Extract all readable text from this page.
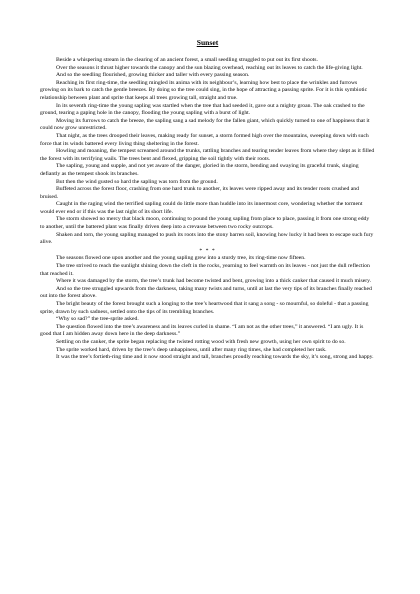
Sunset

Beside a whispering stream in the clearing of an ancient forest, a small seedling struggled to put out its first shoots.

Over the seasons it thrust higher towards the canopy and the sun blazing overhead, reaching out its leaves to catch the life-giving light.

And so the seedling flourished, growing thicker and taller with every passing season.

Reaching its first ring-time, the seedling mingled its anima with its neighbour’s, learning how best to place the wrinkles and furrows growing on its bark to catch the gentle breezes. By doing so the tree could sing, in the hope of attracting a passing sprite. For it is this symbiotic relationship between plant and sprite that keeps all trees growing tall, straight and true.

In its seventh ring-time the young sapling was startled when the tree that had seeded it, gave out a mighty groan. The oak crashed to the ground, tearing a gaping hole in the canopy, flooding the young sapling with a burst of light.

Moving its furrows to catch the breeze, the sapling sang a sad melody for the fallen giant, which quickly turned to one of happiness that it could now grow unrestricted.

That night, as the trees drooped their leaves, making ready for sunset, a storm formed high over the mountains, sweeping down with such force that its winds battered every living thing sheltering in the forest.

Howling and moaning, the tempest screamed around the trunks, rattling branches and tearing tender leaves from where they slept as it filled the forest with its terrifying wails. The trees bent and flexed, gripping the soil tightly with their roots.

The sapling, young and supple, and not yet aware of the danger, gloried in the storm, bending and swaying its graceful trunk, singing defiantly as the tempest shook its branches.

But then the wind gusted so hard the sapling was torn from the ground.

Buffeted across the forest floor, crashing from one hard trunk to another, its leaves were ripped away and its tender roots crushed and bruised.

Caught in the raging wind the terrified sapling could do little more than huddle into its innermost core, wondering whether the torment would ever end or if this was the last night of its short life.

The storm showed no mercy that black moon, continuing to pound the young sapling from place to place, passing it from one strong eddy to another, until the battered plant was finally driven deep into a crevasse between two rocky outcrops.

Shaken and torn, the young sapling managed to push its roots into the stony barren soil, knowing how lucky it had been to escape such fury alive.

* * *

The seasons flowed one upon another and the young sapling grew into a sturdy tree, its ring-time now fifteen.

The tree strived to reach the sunlight shining down the cleft in the rocks, yearning to feel warmth on its leaves - not just the dull reflection that reached it.

Where it was damaged by the storm, the tree’s trunk had become twisted and bent, growing into a thick canker that caused it much misery.

And so the tree struggled upwards from the darkness, taking many twists and turns, until at last the very tips of its branches finally reached out into the forest above.

The bright beauty of the forest brought such a longing to the tree’s heartwood that it sang a song - so mournful, so doleful - that a passing sprite, drawn by such sadness, settled onto the tips of its trembling branches.

“Why so sad?” the tree-sprite asked.

The question flowed into the tree’s awareness and its leaves curled in shame. “I am not as the other trees,” it answered. “I am ugly. It is good that I am hidden away down here in the deep darkness.”

Settling on the canker, the sprite began replacing the twisted rotting wood with fresh new growth, using her own spirit to do so.

The sprite worked hard, driven by the tree’s deep unhappiness, until after many ring times, she had completed her task.

It was the tree’s fortieth-ring time and it now stood straight and tall, branches proudly reaching towards the sky, it’s song, strong and happy.
